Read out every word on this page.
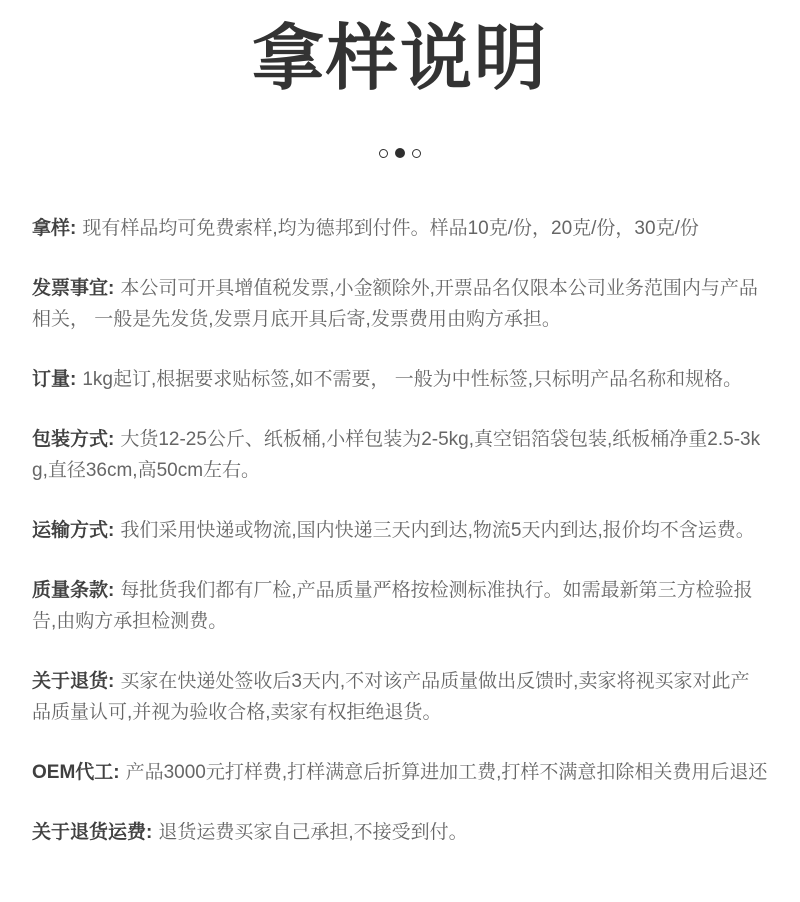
拿样说明

拿样: 现有样品均可免费索样,均为德邦到付件。样品10克/份，20克/份，30克/份

发票事宜: 本公司可开具增值税发票,小金额除外,开票品名仅限本公司业务范围内与产品相关， 一般是先发货,发票月底开具后寄,发票费用由购方承担。

订量: 1kg起订,根据要求贴标签,如不需要， 一般为中性标签,只标明产品名称和规格。

包装方式: 大货12-25公斤、纸板桶,小样包装为2-5kg,真空铝箔袋包装,纸板桶净重2.5-3kg,直径36cm,高50cm左右。

运输方式: 我们采用快递或物流,国内快递三天内到达,物流5天内到达,报价均不含运费。

质量条款: 每批货我们都有厂检,产品质量严格按检测标准执行。如需最新第三方检验报告,由购方承担检测费。

关于退货: 买家在快递处签收后3天内,不对该产品质量做出反馈时,卖家将视买家对此产品质量认可,并视为验收合格,卖家有权拒绝退货。

OEM代工: 产品3000元打样费,打样满意后折算进加工费,打样不满意扣除相关费用后退还

关于退货运费: 退货运费买家自己承担,不接受到付。
